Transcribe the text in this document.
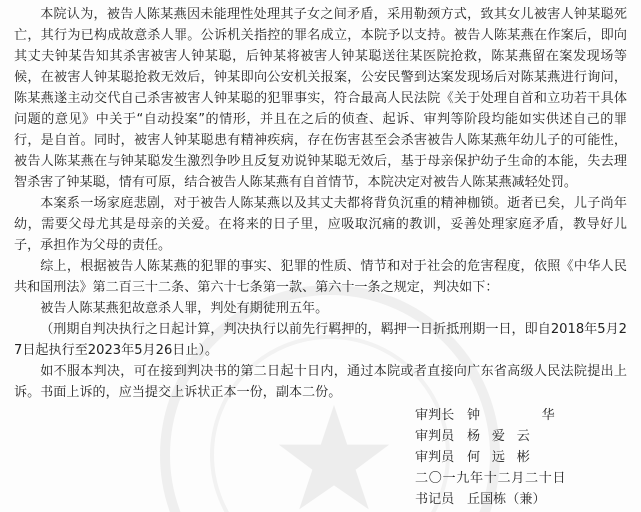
本院认为，被告人陈某燕因未能理性处理其子女之间矛盾，采用勒颈方式，致其女儿被害人钟某聪死亡，其行为已构成故意杀人罪。公诉机关指控的罪名成立，本院予以支持。被告人陈某燕在作案后，即向其丈夫钟某告知其杀害被害人钟某聪，后钟某将被害人钟某聪送往某医院抢救，陈某燕留在案发现场等候，在被害人钟某聪抢救无效后，钟某即向公安机关报案，公安民警到达案发现场后对陈某燕进行询问，陈某燕遂主动交代自己杀害被害人钟某聪的犯罪事实，符合最高人民法院《关于处理自首和立功若干具体问题的意见》中关于“自动投案”的情形，并且在之后的侦查、起诉、审判等阶段均能如实供述自己的罪行，是自首。同时，被害人钟某聪患有精神疾病，存在伤害甚至会杀害被告人陈某燕年幼儿子的可能性，被告人陈某燕在与钟某聪发生激烈争吵且反复劝说钟某聪无效后，基于母亲保护幼子生命的本能，失去理智杀害了钟某聪，情有可原，结合被告人陈某燕有自首情节，本院决定对被告人陈某燕减轻处罚。

本案系一场家庭悲剧，对于被告人陈某燕以及其丈夫都将背负沉重的精神枷锁。逝者已矣，儿子尚年幼，需要父母尤其是母亲的关爱。在将来的日子里，应吸取沉痛的教训，妥善处理家庭矛盾，教导好儿子，承担作为父母的责任。

综上，根据被告人陈某燕的犯罪的事实、犯罪的性质、情节和对于社会的危害程度，依照《中华人民共和国刑法》第二百三十二条、第六十七条第一款、第六十一条之规定，判决如下：

被告人陈某燕犯故意杀人罪，判处有期徒刑五年。

（刑期自判决执行之日起计算，判决执行以前先行羁押的，羁押一日折抵刑期一日，即自2018年5月27日起执行至2023年5月26日止）。

如不服本判决，可在接到判决书的第二日起十日内，通过本院或者直接向广东省高级人民法院提出上诉。书面上诉的，应当提交上诉状正本一份，副本二份。

审判长 钟　　华
审判员 杨爱云
审判员 何远彬
二〇一九年十二月二十日
书记员 丘国栋（兼）
